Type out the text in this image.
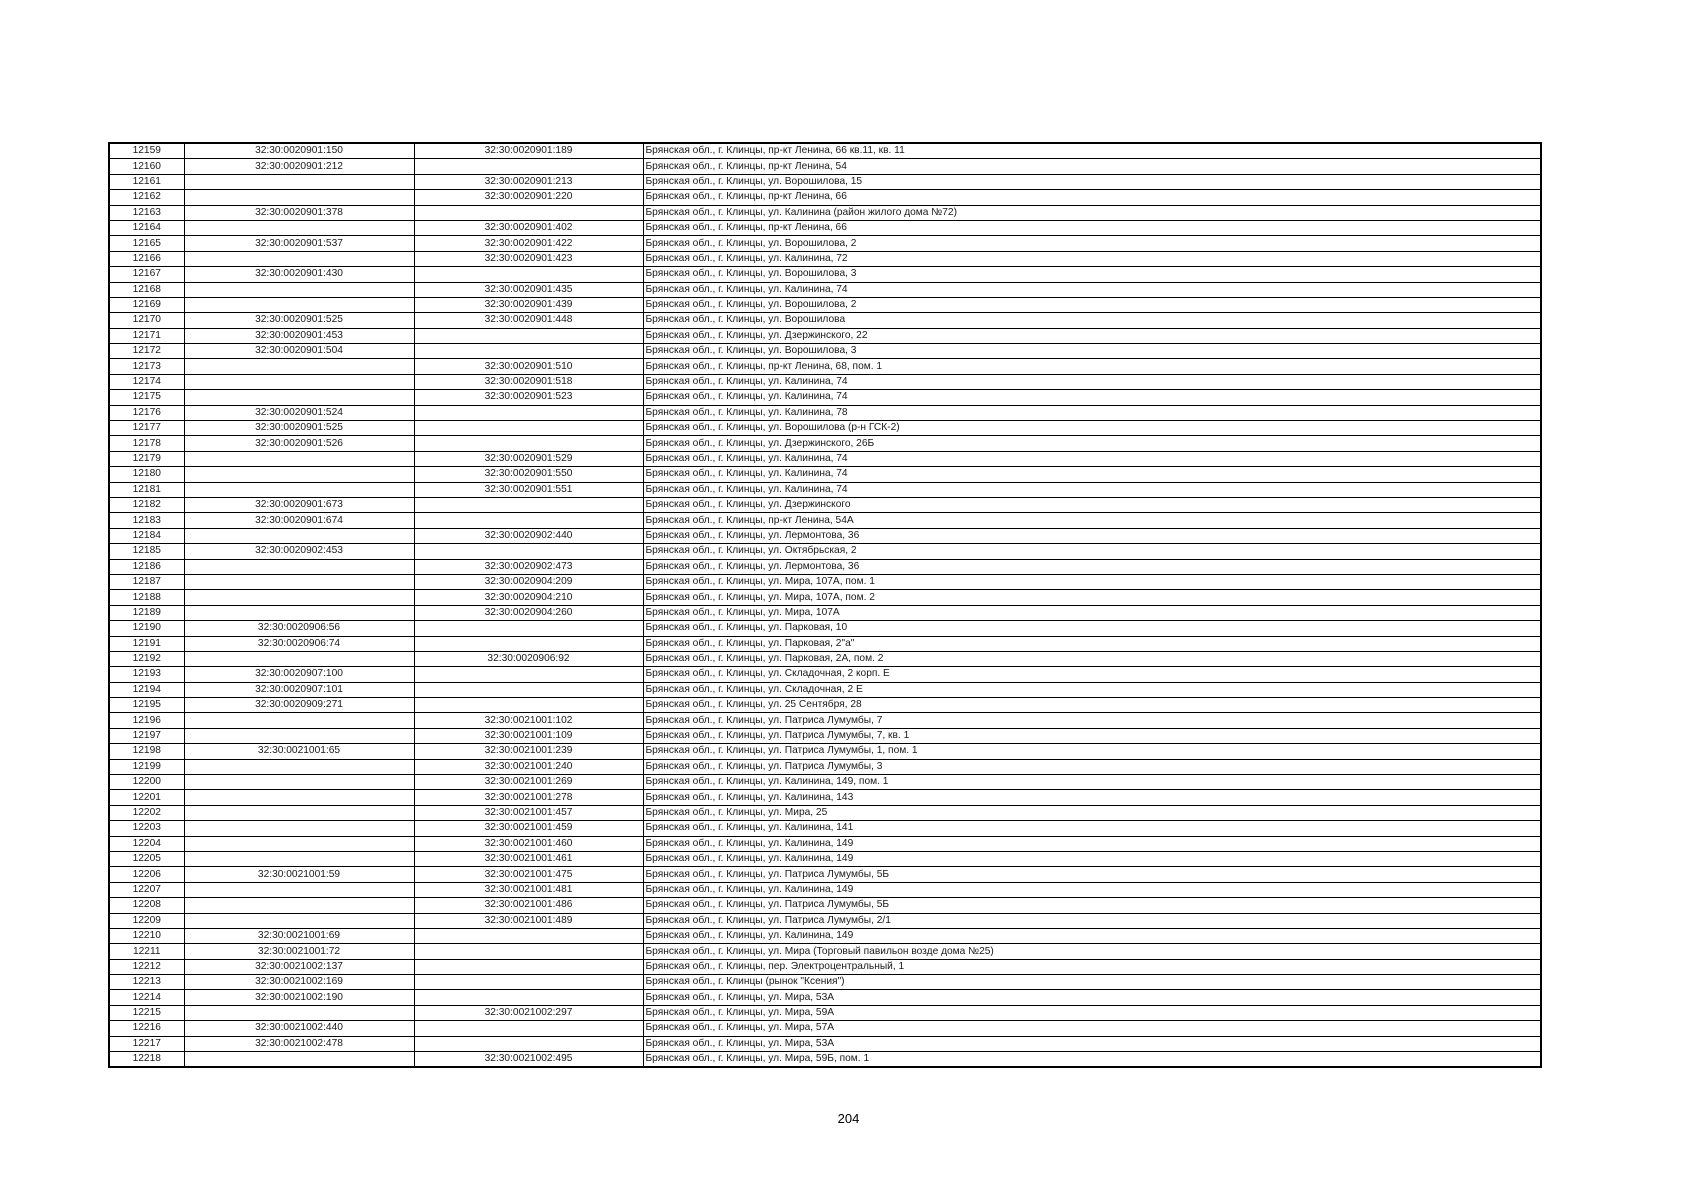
12159	32:30:0020901:150	32:30:0020901:189	Брянская обл., г. Клинцы, пр-кт Ленина, 66 кв.11, кв. 11
12160	32:30:0020901:212		Брянская обл., г. Клинцы, пр-кт Ленина, 54
12161		32:30:0020901:213	Брянская обл., г. Клинцы, ул. Ворошилова, 15
12162		32:30:0020901:220	Брянская обл., г. Клинцы, пр-кт Ленина, 66
12163	32:30:0020901:378		Брянская обл., г. Клинцы, ул. Калинина (район жилого дома №72)
12164		32:30:0020901:402	Брянская обл., г. Клинцы, пр-кт Ленина, 66
12165	32:30:0020901:537	32:30:0020901:422	Брянская обл., г. Клинцы, ул. Ворошилова, 2
12166		32:30:0020901:423	Брянская обл., г. Клинцы, ул. Калинина, 72
12167	32:30:0020901:430		Брянская обл., г. Клинцы, ул. Ворошилова, 3
12168		32:30:0020901:435	Брянская обл., г. Клинцы, ул. Калинина, 74
12169		32:30:0020901:439	Брянская обл., г. Клинцы, ул. Ворошилова, 2
12170	32:30:0020901:525	32:30:0020901:448	Брянская обл., г. Клинцы, ул. Ворошилова
12171	32:30:0020901:453		Брянская обл., г. Клинцы, ул. Дзержинского, 22
12172	32:30:0020901:504		Брянская обл., г. Клинцы, ул. Ворошилова, 3
12173		32:30:0020901:510	Брянская обл., г. Клинцы, пр-кт Ленина, 68, пом. 1
12174		32:30:0020901:518	Брянская обл., г. Клинцы, ул. Калинина, 74
12175		32:30:0020901:523	Брянская обл., г. Клинцы, ул. Калинина, 74
12176	32:30:0020901:524		Брянская обл., г. Клинцы, ул. Калинина, 78
12177	32:30:0020901:525		Брянская обл., г. Клинцы, ул. Ворошилова (р-н ГСК-2)
12178	32:30:0020901:526		Брянская обл., г. Клинцы, ул. Дзержинского, 26Б
12179		32:30:0020901:529	Брянская обл., г. Клинцы, ул. Калинина, 74
12180		32:30:0020901:550	Брянская обл., г. Клинцы, ул. Калинина, 74
12181		32:30:0020901:551	Брянская обл., г. Клинцы, ул. Калинина, 74
12182	32:30:0020901:673		Брянская обл., г. Клинцы, ул. Дзержинского
12183	32:30:0020901:674		Брянская обл., г. Клинцы, пр-кт Ленина, 54А
12184		32:30:0020902:440	Брянская обл., г. Клинцы, ул. Лермонтова, 36
12185	32:30:0020902:453		Брянская обл., г. Клинцы, ул. Октябрьская, 2
12186		32:30:0020902:473	Брянская обл., г. Клинцы, ул. Лермонтова, 36
12187		32:30:0020904:209	Брянская обл., г. Клинцы, ул. Мира, 107А, пом. 1
12188		32:30:0020904:210	Брянская обл., г. Клинцы, ул. Мира, 107А, пом. 2
12189		32:30:0020904:260	Брянская обл., г. Клинцы, ул. Мира, 107А
12190	32:30:0020906:56		Брянская обл., г. Клинцы, ул. Парковая, 10
12191	32:30:0020906:74		Брянская обл., г. Клинцы, ул. Парковая, 2"а"
12192		32:30:0020906:92	Брянская обл., г. Клинцы, ул. Парковая, 2А, пом. 2
12193	32:30:0020907:100		Брянская обл., г. Клинцы, ул. Складочная, 2 корп. Е
12194	32:30:0020907:101		Брянская обл., г. Клинцы, ул. Складочная, 2 Е
12195	32:30:0020909:271		Брянская обл., г. Клинцы, ул. 25 Сентября, 28
12196		32:30:0021001:102	Брянская обл., г. Клинцы, ул. Патриса Лумумбы, 7
12197		32:30:0021001:109	Брянская обл., г. Клинцы, ул. Патриса Лумумбы, 7, кв. 1
12198	32:30:0021001:65	32:30:0021001:239	Брянская обл., г. Клинцы, ул. Патриса Лумумбы, 1, пом. 1
12199		32:30:0021001:240	Брянская обл., г. Клинцы, ул. Патриса Лумумбы, 3
12200		32:30:0021001:269	Брянская обл., г. Клинцы, ул. Калинина, 149, пом. 1
12201		32:30:0021001:278	Брянская обл., г. Клинцы, ул. Калинина, 143
12202		32:30:0021001:457	Брянская обл., г. Клинцы, ул. Мира, 25
12203		32:30:0021001:459	Брянская обл., г. Клинцы, ул. Калинина, 141
12204		32:30:0021001:460	Брянская обл., г. Клинцы, ул. Калинина, 149
12205		32:30:0021001:461	Брянская обл., г. Клинцы, ул. Калинина, 149
12206	32:30:0021001:59	32:30:0021001:475	Брянская обл., г. Клинцы, ул. Патриса Лумумбы, 5Б
12207		32:30:0021001:481	Брянская обл., г. Клинцы, ул. Калинина, 149
12208		32:30:0021001:486	Брянская обл., г. Клинцы, ул. Патриса Лумумбы, 5Б
12209		32:30:0021001:489	Брянская обл., г. Клинцы, ул. Патриса Лумумбы, 2/1
12210	32:30:0021001:69		Брянская обл., г. Клинцы, ул. Калинина, 149
12211	32:30:0021001:72		Брянская обл., г. Клинцы, ул. Мира (Торговый павильон возде дома №25)
12212	32:30:0021002:137		Брянская обл., г. Клинцы, пер. Электроцентральный, 1
12213	32:30:0021002:169		Брянская обл., г. Клинцы (рынок "Ксения")
12214	32:30:0021002:190		Брянская обл., г. Клинцы, ул. Мира, 53А
12215		32:30:0021002:297	Брянская обл., г. Клинцы, ул. Мира, 59А
12216	32:30:0021002:440		Брянская обл., г. Клинцы, ул. Мира, 57А
12217	32:30:0021002:478		Брянская обл., г. Клинцы, ул. Мира, 53А
12218		32:30:0021002:495	Брянская обл., г. Клинцы, ул. Мира, 59Б, пом. 1
204
